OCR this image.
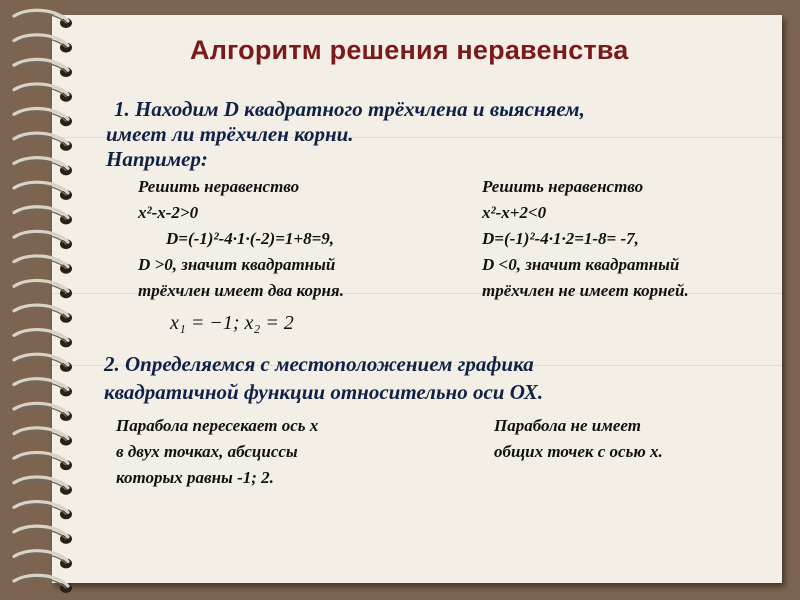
Алгоритм решения неравенства
1. Находим D квадратного трёхчлена и выясняем,
имеет ли трёхчлен корни.
Например:
Решить неравенство
x²-x-2>0
D=(-1)²-4·1·(-2)=1+8=9,
D >0, значит квадратный
трёхчлен имеет два корня.
x₁ = −1; x₂ = 2
Решить неравенство
x²-x+2<0
D=(-1)²-4·1·2=1-8= -7,
D <0, значит квадратный
трёхчлен не имеет корней.
2. Определяемся с местоположением графика
квадратичной функции относительно оси ОХ.
Парабола пересекает ось х
в двух точках, абсциссы
которых равны -1; 2.
Парабола не имеет
общих точек с осью х.
